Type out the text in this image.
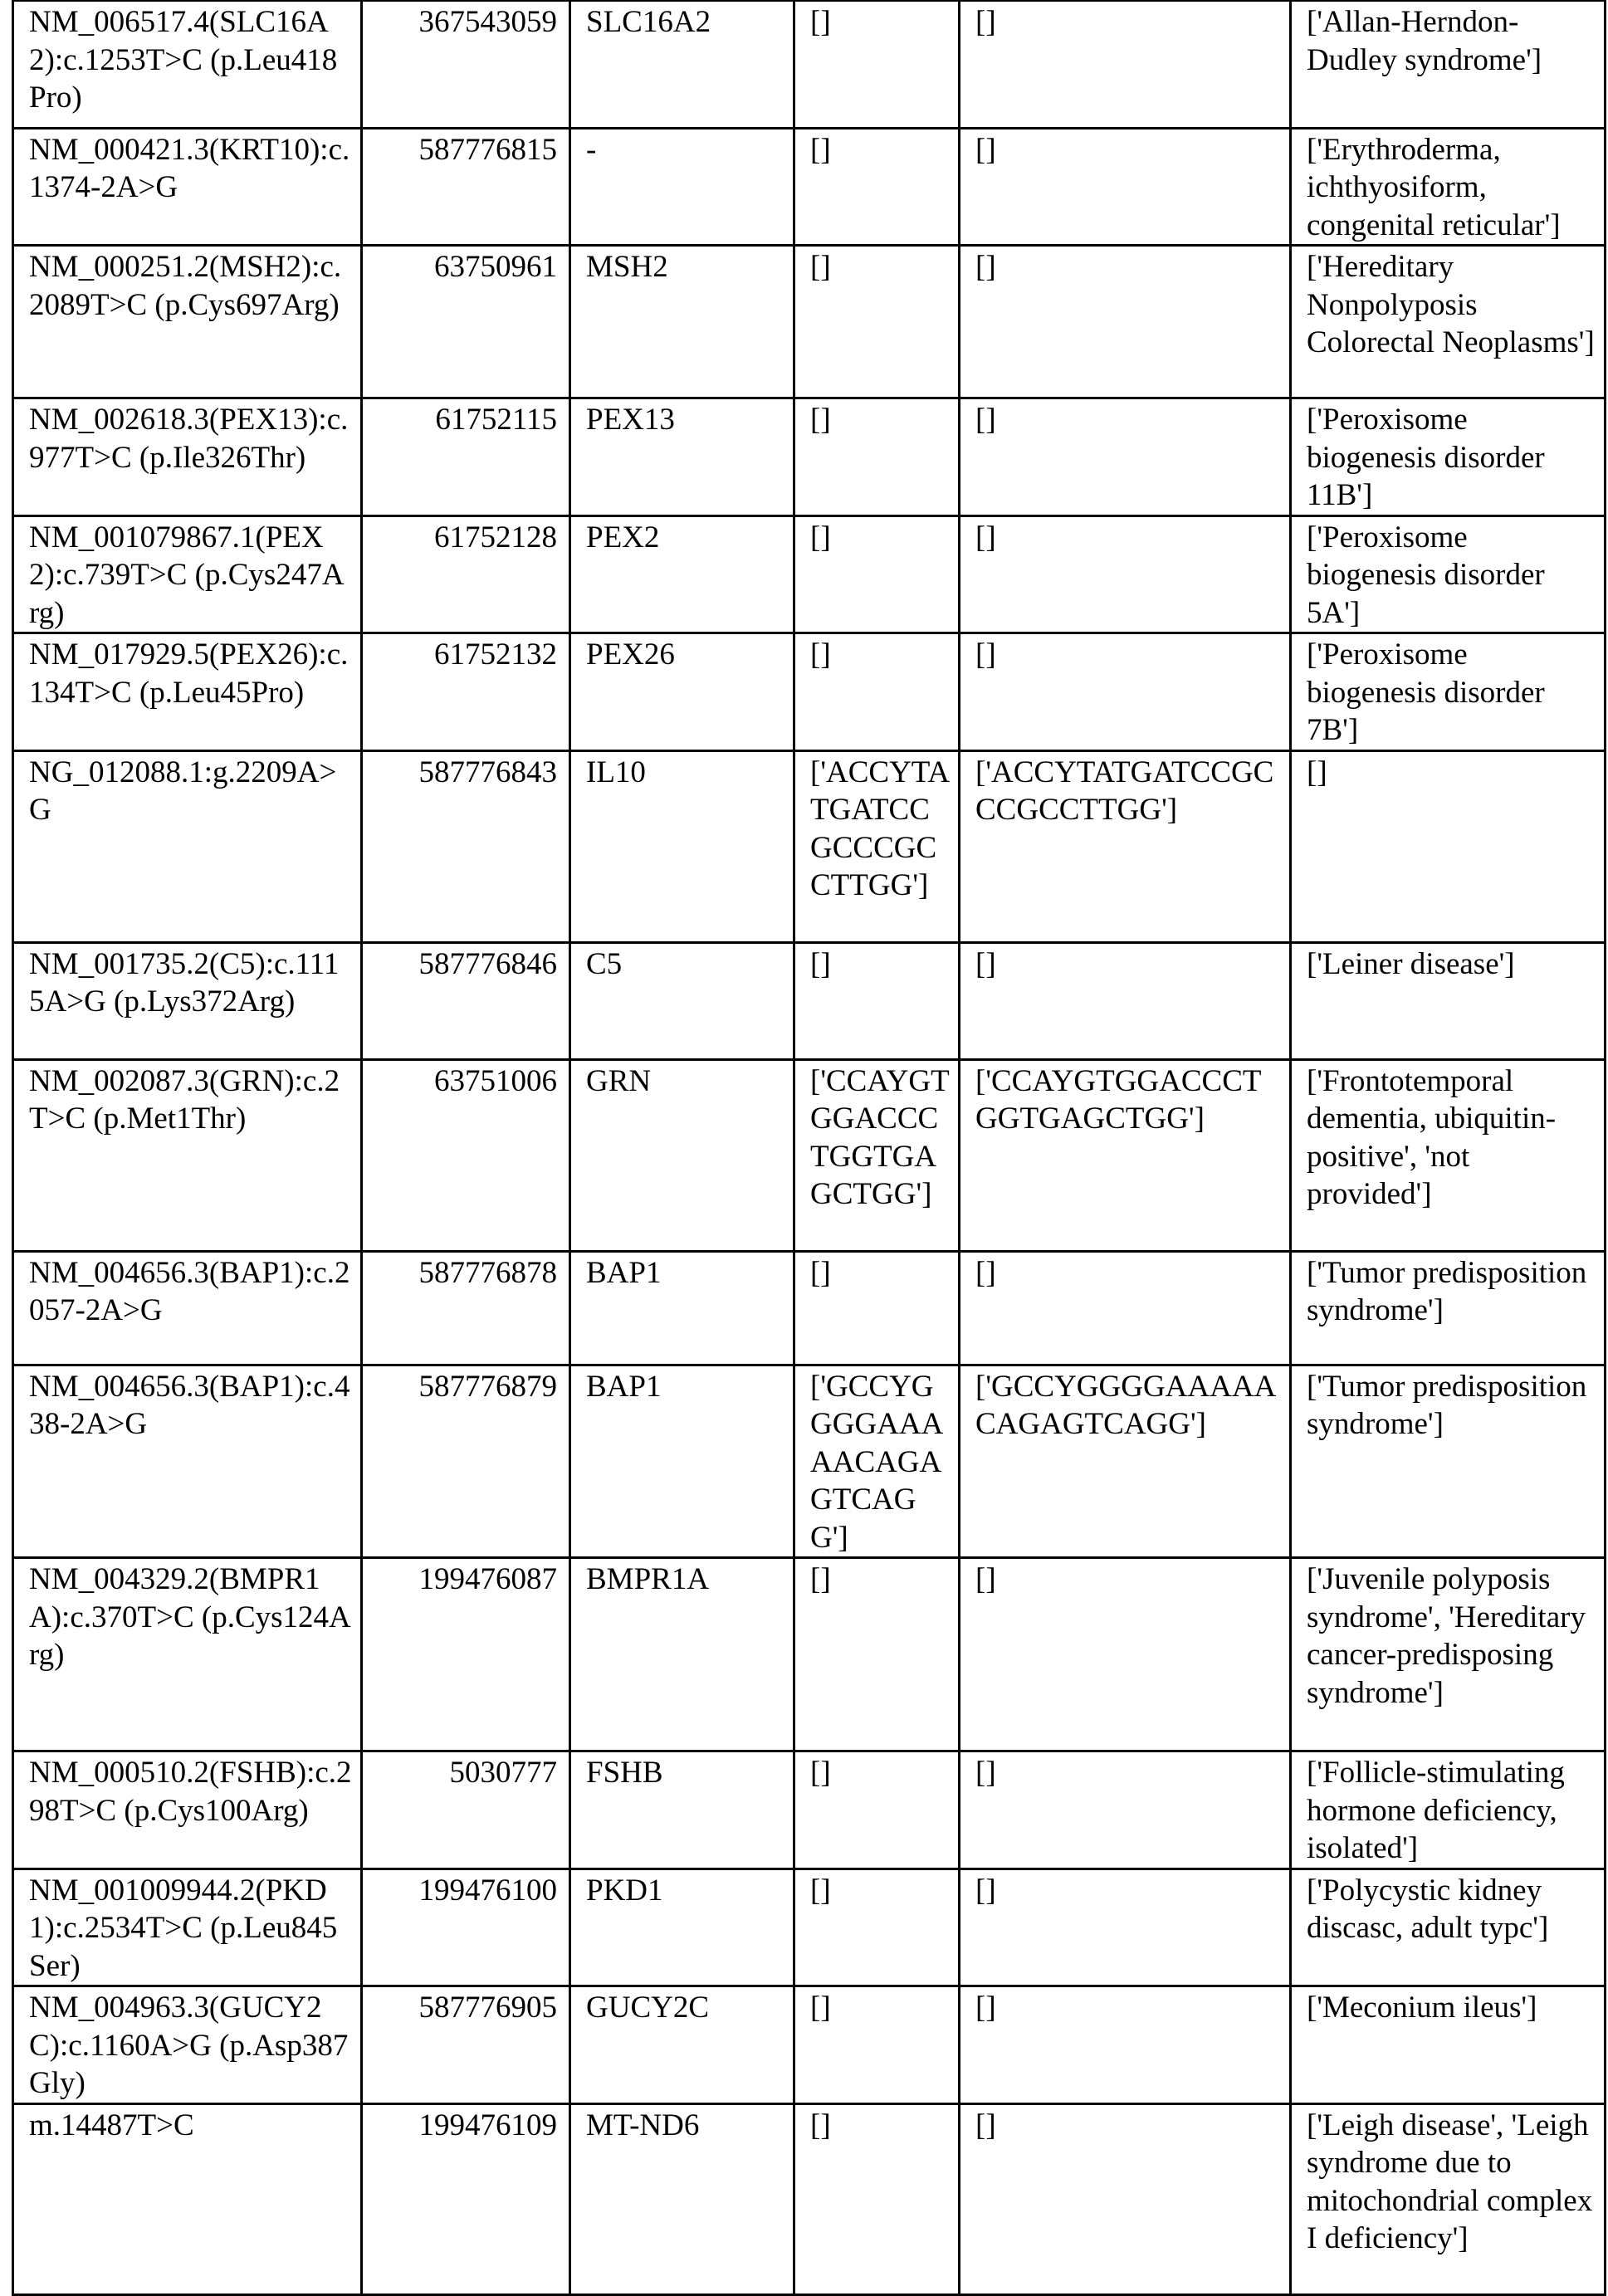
NM_006517.4(SLC16A2):c.1253T>C (p.Leu418Pro)	367543059	SLC16A2	[]	[]	['Allan-Herndon-Dudley syndrome']
NM_000421.3(KRT10):c.1374-2A>G	587776815	-	[]	[]	['Erythroderma, ichthyosiform, congenital reticular']
NM_000251.2(MSH2):c.2089T>C (p.Cys697Arg)	63750961	MSH2	[]	[]	['Hereditary Nonpolyposis Colorectal Neoplasms']
NM_002618.3(PEX13):c.977T>C (p.Ile326Thr)	61752115	PEX13	[]	[]	['Peroxisome biogenesis disorder 11B']
NM_001079867.1(PEX2):c.739T>C (p.Cys247Arg)	61752128	PEX2	[]	[]	['Peroxisome biogenesis disorder 5A']
NM_017929.5(PEX26):c.134T>C (p.Leu45Pro)	61752132	PEX26	[]	[]	['Peroxisome biogenesis disorder 7B']
NG_012088.1:g.2209A>G	587776843	IL10	['ACCYTATGATCCGCCCGCCTTGG']	['ACCYTATGATCCGCCCGCCTTGG']	[]
NM_001735.2(C5):c.1115A>G (p.Lys372Arg)	587776846	C5	[]	[]	['Leiner disease']
NM_002087.3(GRN):c.2T>C (p.Met1Thr)	63751006	GRN	['CCAYGTGGACCCTGGTGAGCTGG']	['CCAYGTGGACCCTGGTGAGCTGG']	['Frontotemporal dementia, ubiquitin-positive', 'not provided']
NM_004656.3(BAP1):c.2057-2A>G	587776878	BAP1	[]	[]	['Tumor predisposition syndrome']
NM_004656.3(BAP1):c.438-2A>G	587776879	BAP1	['GCCYGGGGAAAAACAGAGTCAGG']	['GCCYGGGGAAAAACAGAGTCAGG']	['Tumor predisposition syndrome']
NM_004329.2(BMPR1A):c.370T>C (p.Cys124Arg)	199476087	BMPR1A	[]	[]	['Juvenile polyposis syndrome', 'Hereditary cancer-predisposing syndrome']
NM_000510.2(FSHB):c.298T>C (p.Cys100Arg)	5030777	FSHB	[]	[]	['Follicle-stimulating hormone deficiency, isolated']
NM_001009944.2(PKD1):c.2534T>C (p.Leu845Ser)	199476100	PKD1	[]	[]	['Polycystic kidney discasc, adult typc']
NM_004963.3(GUCY2C):c.1160A>G (p.Asp387Gly)	587776905	GUCY2C	[]	[]	['Meconium ileus']
m.14487T>C	199476109	MT-ND6	[]	[]	['Leigh disease', 'Leigh syndrome due to mitochondrial complex I deficiency']
